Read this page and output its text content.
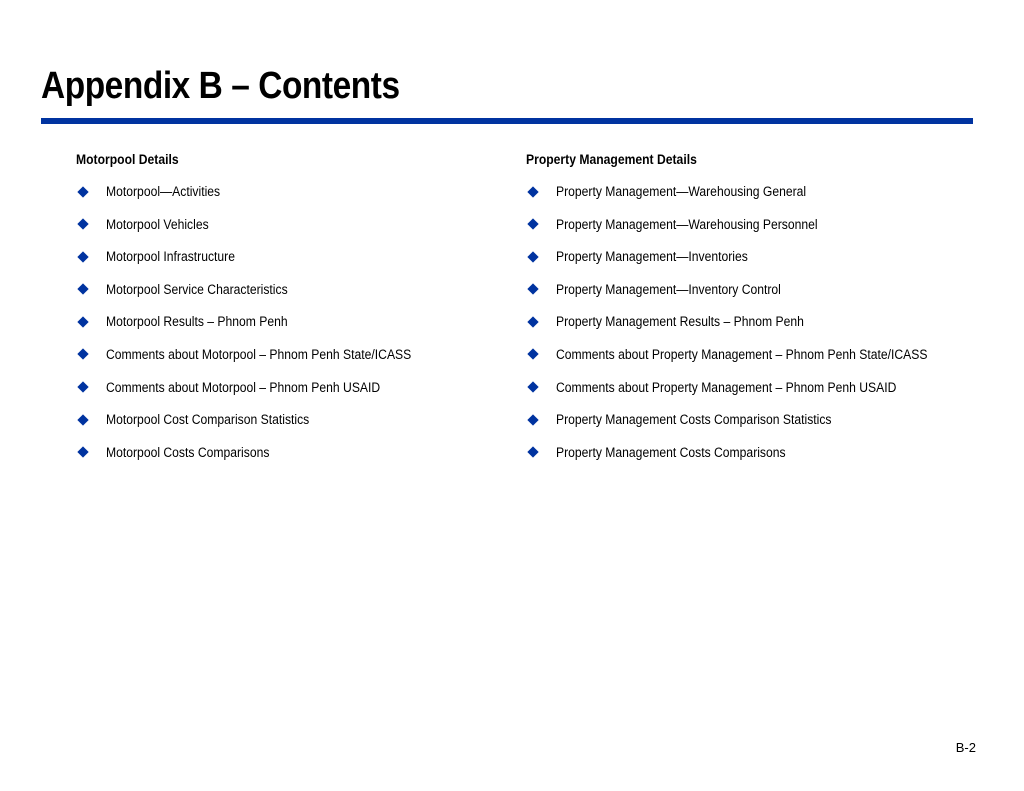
Appendix B – Contents
Motorpool Details
Motorpool—Activities
Motorpool Vehicles
Motorpool Infrastructure
Motorpool Service Characteristics
Motorpool Results – Phnom Penh
Comments about Motorpool – Phnom Penh State/ICASS
Comments about Motorpool – Phnom Penh USAID
Motorpool Cost Comparison Statistics
Motorpool Costs Comparisons
Property Management Details
Property Management—Warehousing General
Property Management—Warehousing Personnel
Property Management—Inventories
Property Management—Inventory Control
Property Management Results – Phnom Penh
Comments about Property Management – Phnom Penh State/ICASS
Comments about Property Management – Phnom Penh USAID
Property Management Costs Comparison Statistics
Property Management Costs Comparisons
B-2
